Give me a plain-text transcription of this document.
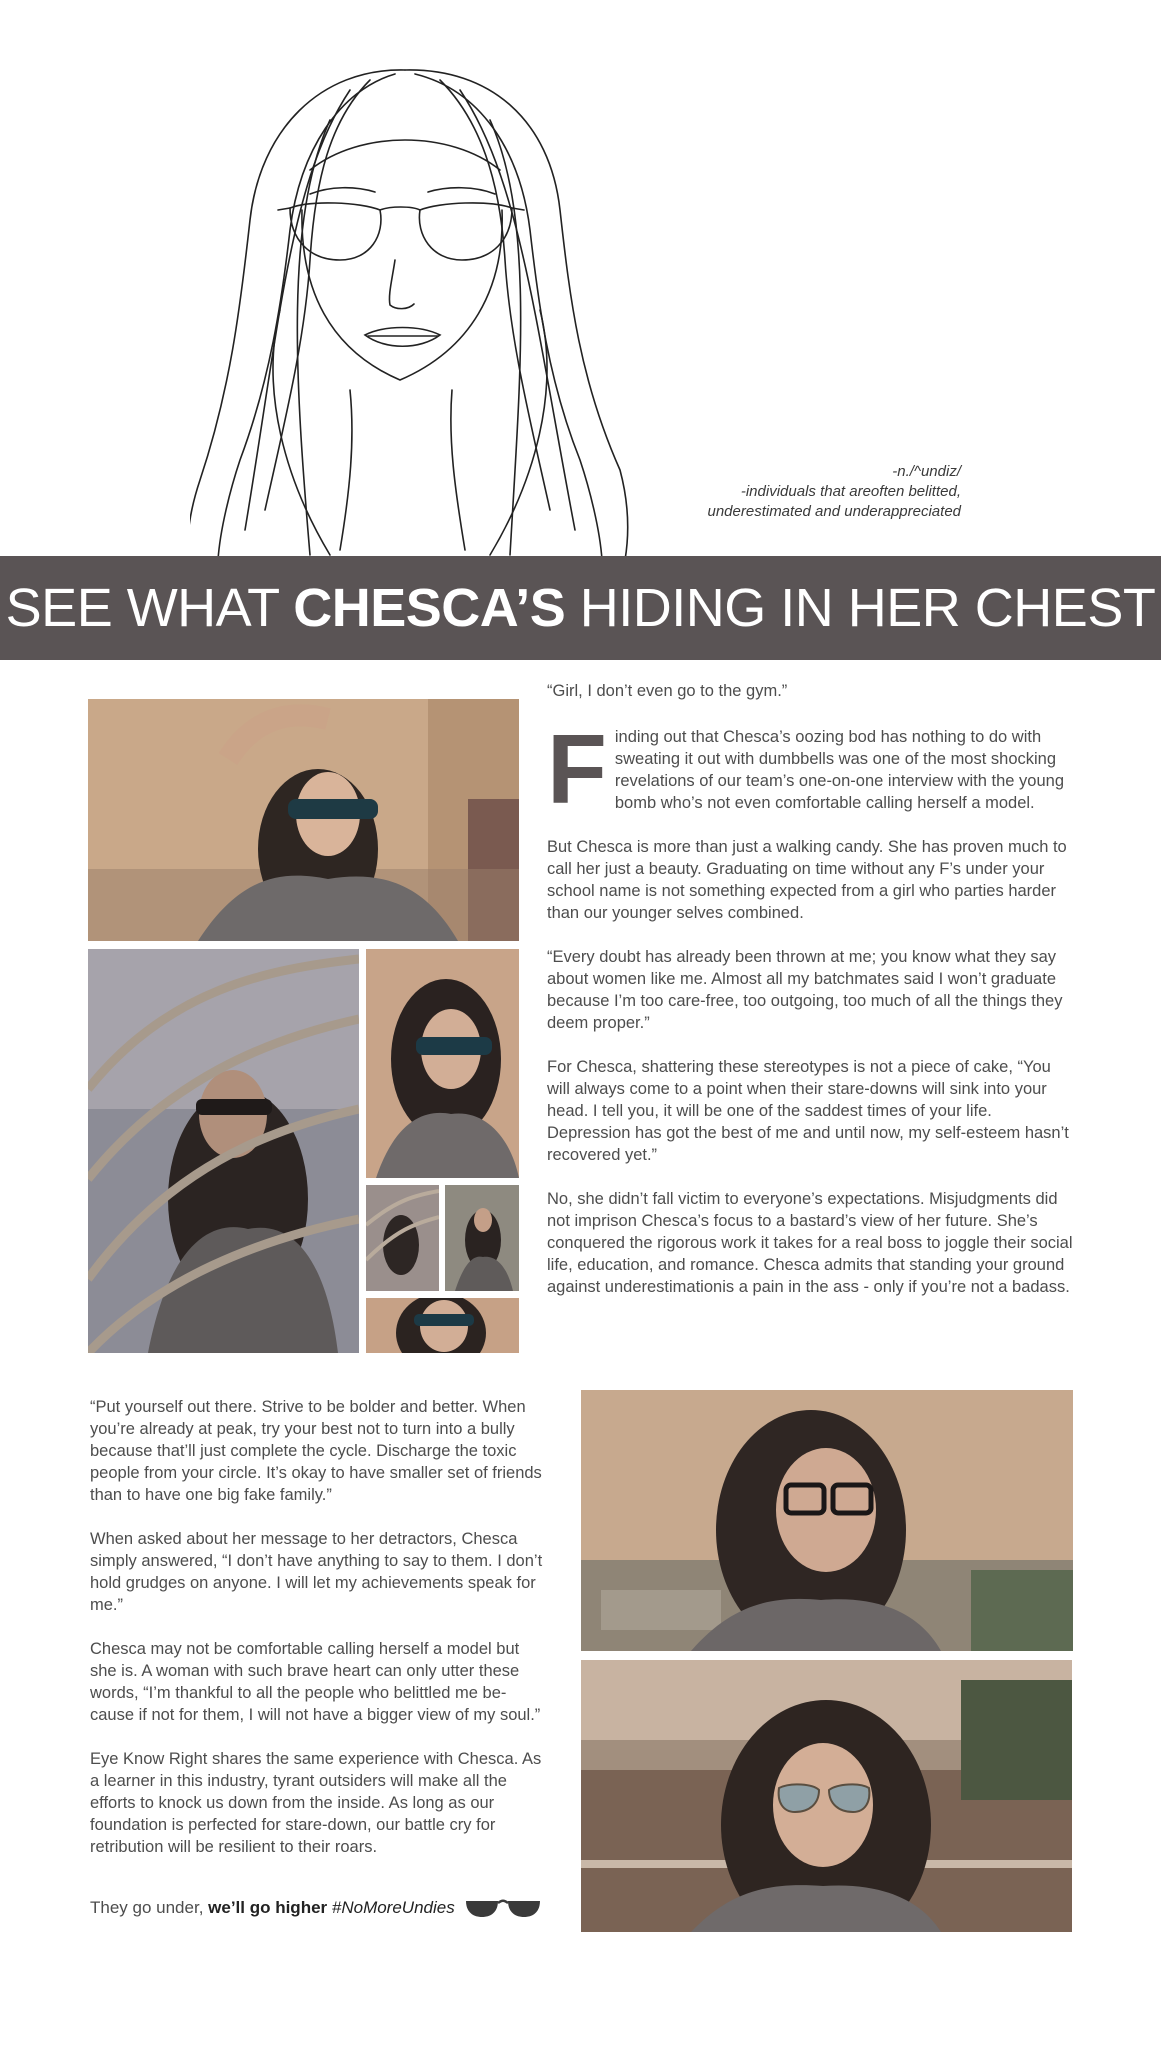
-n./^undiz/
-individuals that areoften belitted,
underestimated and underappreciated
SEE WHAT CHESCA’S HIDING IN HER CHEST

“Girl, I don’t even go to the gym.”

Finding out that Chesca’s oozing bod has nothing to do with sweating it out with dumbbells was one of the most shocking revelations of our team’s one-on-one interview with the young bomb who’s not even comfortable calling herself a model.

But Chesca is more than just a walking candy. She has proven much to call her just a beauty. Graduating on time without any F’s under your school name is not something expected from a girl who parties harder than our younger selves combined.

“Every doubt has already been thrown at me; you know what they say about women like me. Almost all my batchmates said I won’t graduate because I’m too care-free, too outgoing, too much of all the things they deem proper.”

For Chesca, shattering these stereotypes is not a piece of cake, “You will always come to a point when their stare-downs will sink into your head. I tell you, it will be one of the saddest times of your life. Depression has got the best of me and until now, my self-esteem hasn’t recovered yet.”

No, she didn’t fall victim to everyone’s expectations. Misjudgments did not imprison Chesca’s focus to a bastard’s view of her future. She’s conquered the rigorous work it takes for a real boss to joggle their social life, education, and romance. Chesca admits that standing your ground against underestimationis a pain in the ass - only if you’re not a badass.

“Put yourself out there. Strive to be bolder and better. When you’re already at peak, try your best not to turn into a bully because that’ll just complete the cycle. Discharge the toxic people from your circle. It’s okay to have smaller set of friends than to have one big fake family.”

When asked about her message to her detractors, Chesca simply answered, “I don’t have anything to say to them. I don’t hold grudges on anyone. I will let my achievements speak for me.”

Chesca may not be comfortable calling herself a model but she is. A woman with such brave heart can only utter these words, “I’m thankful to all the people who belittled me be-cause if not for them, I will not have a bigger view of my soul.”

Eye Know Right shares the same experience with Chesca. As a learner in this industry, tyrant outsiders will make all the efforts to knock us down from the inside. As long as our foundation is perfected for stare-down, our battle cry for retribution will be resilient to their roars.

They go under, we’ll go higher #NoMoreUndies
